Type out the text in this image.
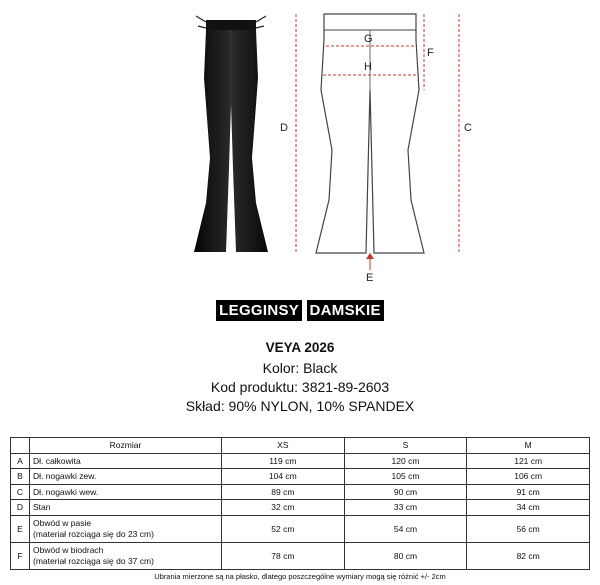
G
H
F
D	C
E
LEGGINSY DAMSKIE
VEYA 2026
Kolor: Black
Kod produktu: 3821-89-2603
Skład: 90% NYLON, 10% SPANDEX
	Rozmiar	XS	S	M
A	Dł. całkowita	119 cm	120 cm	121 cm
B	Dł. nogawki zew.	104 cm	105 cm	106 cm
C	Dł. nogawki wew.	89 cm	90 cm	91 cm
D	Stan	32 cm	33 cm	34 cm
E	Obwód w pasie
(materiał rozciąga się do 23 cm)	52 cm	54 cm	56 cm
F	Obwód w biodrach
(materiał rozciąga się do 37 cm)	78 cm	80 cm	82 cm
Ubrania mierzone są na płasko, dlatego poszczególne wymiary mogą się różnić +/- 2cm
